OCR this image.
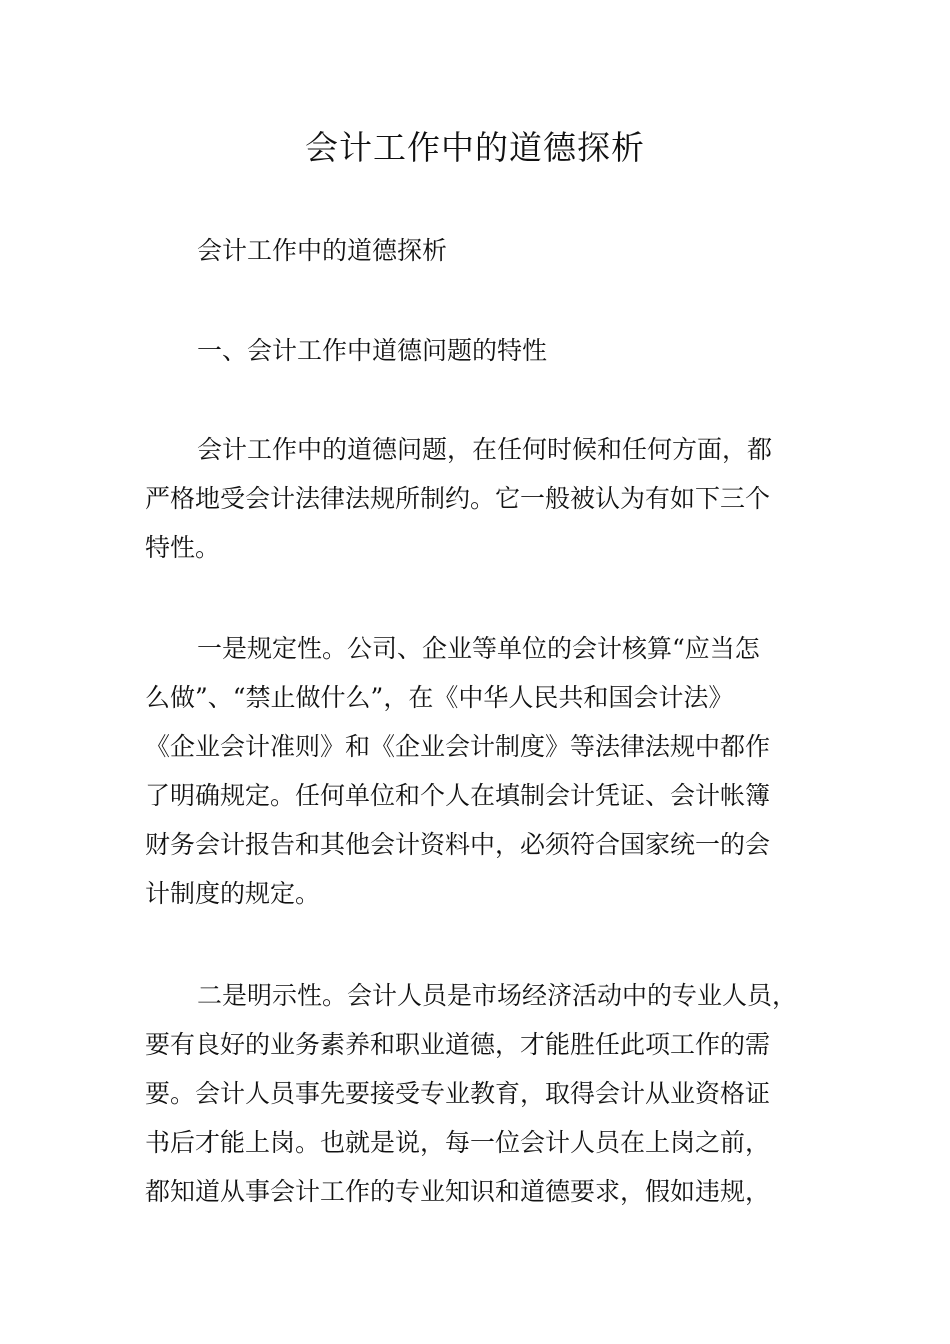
会计工作中的道德探析

会计工作中的道德探析

一、会计工作中道德问题的特性

会计工作中的道德问题，在任何时候和任何方面，都
严格地受会计法律法规所制约。它一般被认为有如下三个
特性。

一是规定性。公司、企业等单位的会计核算“应当怎
么做”、“禁止做什么”，在《中华人民共和国会计法》
《企业会计准则》和《企业会计制度》等法律法规中都作
了明确规定。任何单位和个人在填制会计凭证、会计帐簿
财务会计报告和其他会计资料中，必须符合国家统一的会
计制度的规定。

二是明示性。会计人员是市场经济活动中的专业人员，
要有良好的业务素养和职业道德，才能胜任此项工作的需
要。会计人员事先要接受专业教育，取得会计从业资格证
书后才能上岗。也就是说，每一位会计人员在上岗之前，
都知道从事会计工作的专业知识和道德要求，假如违规，
